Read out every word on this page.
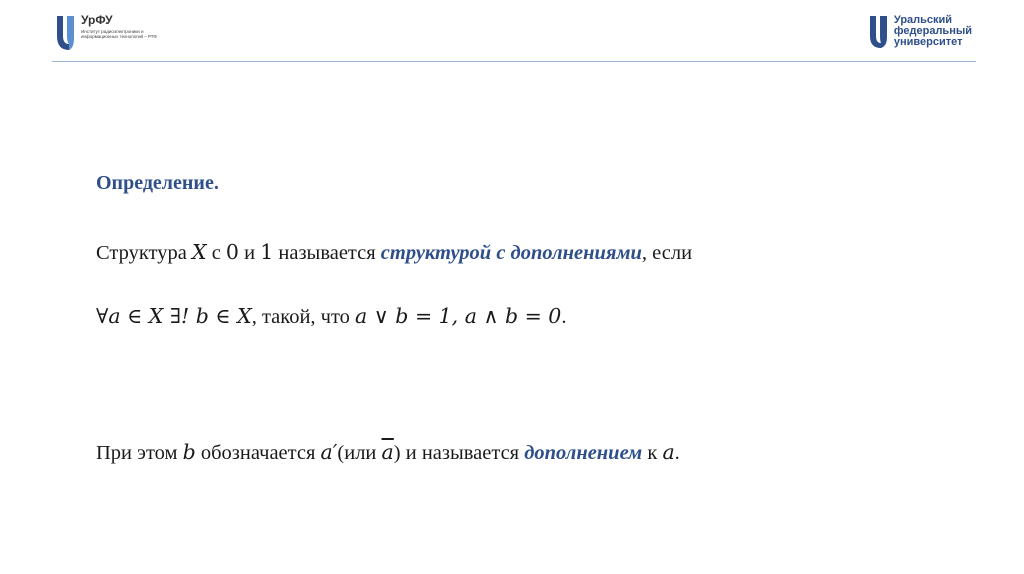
УрФУ
Институт радиоэлектроники и информационных технологий – РТФ
Уральский
федеральный
университет
Определение.
Структура X с 0 и 1 называется структурой с дополнениями, если
∀a ∈ X ∃! b ∈ X, такой, что a ∨ b = 1, a ∧ b = 0.
При этом b обозначается a′(или $\overline{a}$) и называется дополнением к a.
